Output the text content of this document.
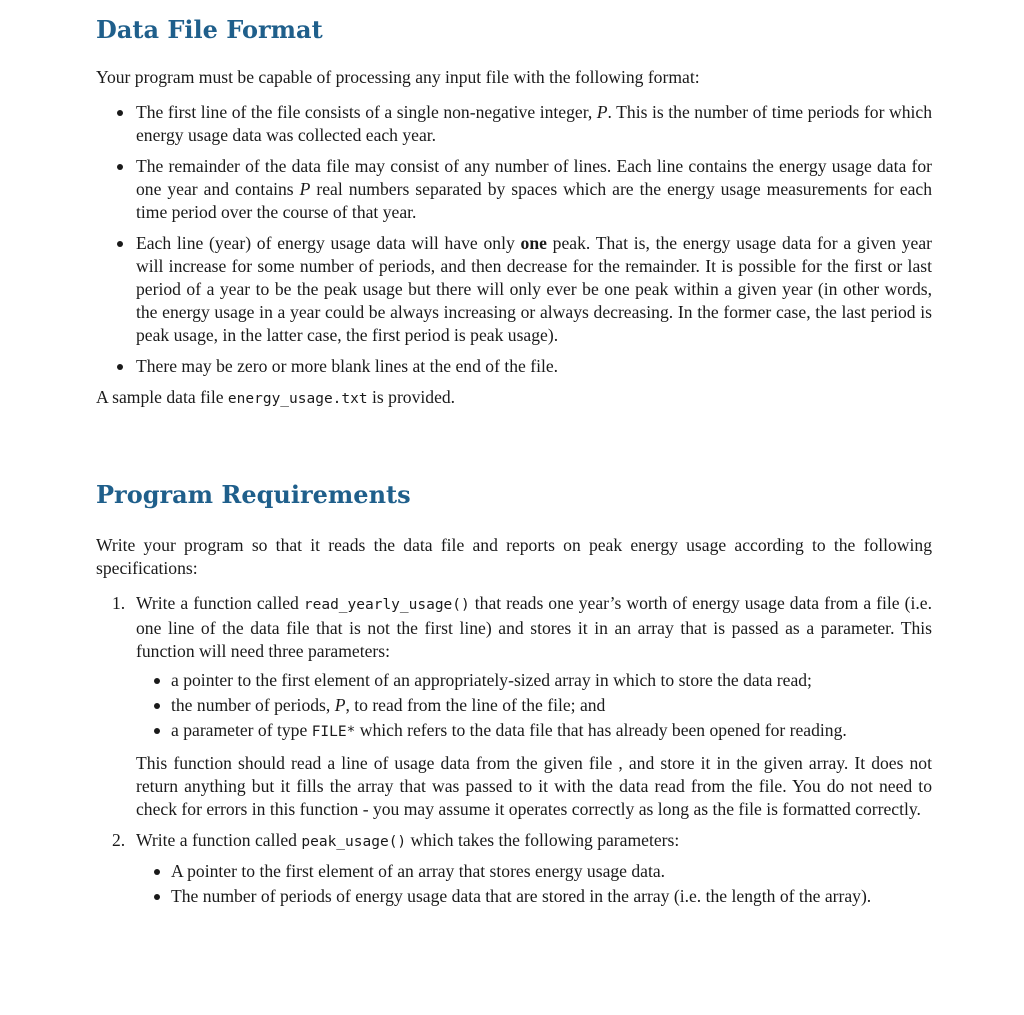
Data File Format

Your program must be capable of processing any input file with the following format:

The first line of the file consists of a single non-negative integer, P. This is the number of time periods for which energy usage data was collected each year.
The remainder of the data file may consist of any number of lines. Each line contains the energy usage data for one year and contains P real numbers separated by spaces which are the energy usage measurements for each time period over the course of that year.
Each line (year) of energy usage data will have only one peak. That is, the energy usage data for a given year will increase for some number of periods, and then decrease for the remainder. It is possible for the first or last period of a year to be the peak usage but there will only ever be one peak within a given year (in other words, the energy usage in a year could be always increasing or always decreasing. In the former case, the last period is peak usage, in the latter case, the first period is peak usage).
There may be zero or more blank lines at the end of the file.

A sample data file energy_usage.txt is provided.

Program Requirements

Write your program so that it reads the data file and reports on peak energy usage according to the following specifications:

1. Write a function called read_yearly_usage() that reads one year’s worth of energy usage data from a file (i.e. one line of the data file that is not the first line) and stores it in an array that is passed as a parameter. This function will need three parameters:

a pointer to the first element of an appropriately-sized array in which to store the data read;
the number of periods, P, to read from the line of the file; and
a parameter of type FILE* which refers to the data file that has already been opened for reading.

This function should read a line of usage data from the given file , and store it in the given array. It does not return anything but it fills the array that was passed to it with the data read from the file. You do not need to check for errors in this function - you may assume it operates correctly as long as the file is formatted correctly.

2. Write a function called peak_usage() which takes the following parameters:

A pointer to the first element of an array that stores energy usage data.
The number of periods of energy usage data that are stored in the array (i.e. the length of the array).
